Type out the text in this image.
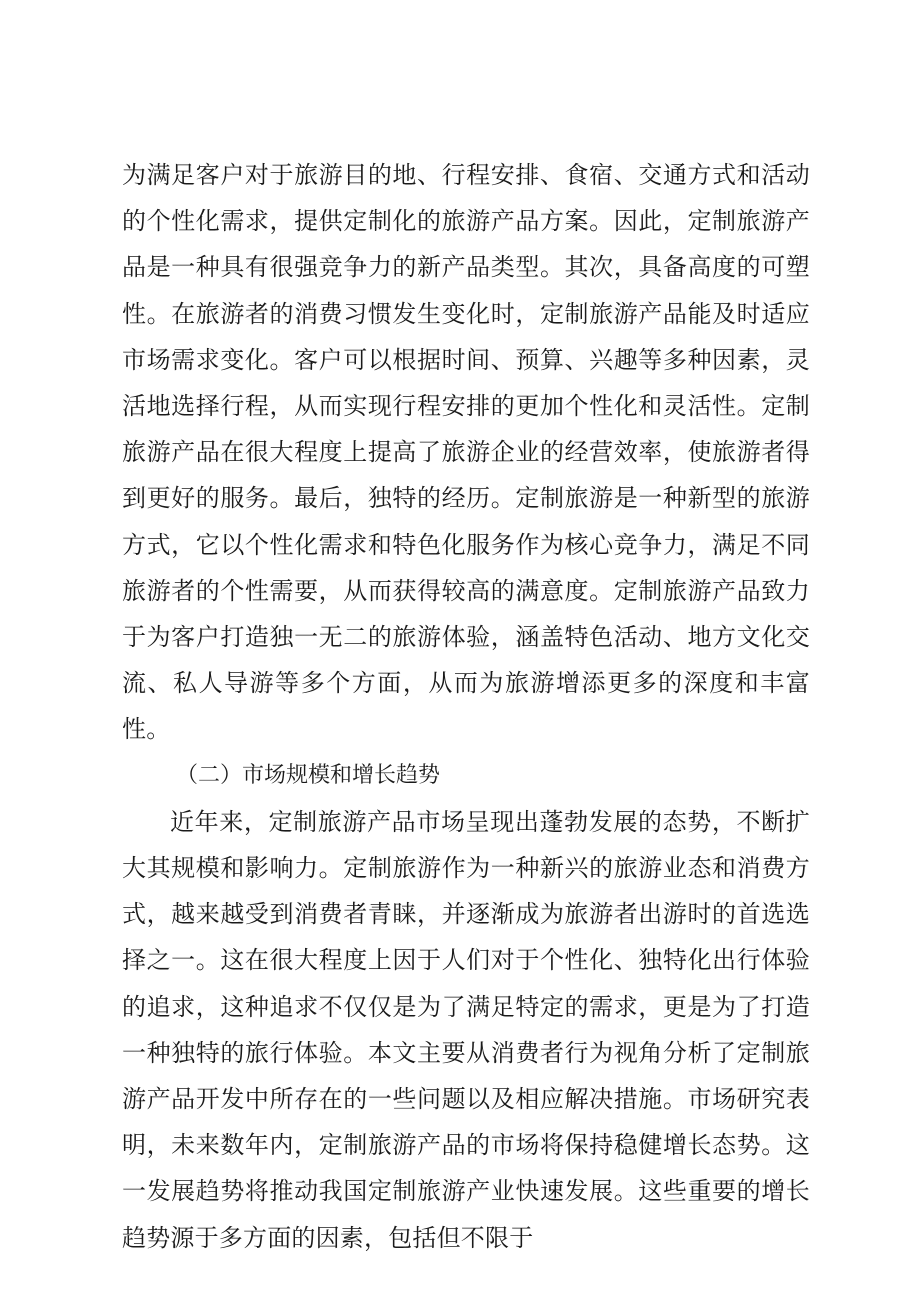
为满足客户对于旅游目的地、行程安排、食宿、交通方式和活动的个性化需求，提供定制化的旅游产品方案。因此，定制旅游产品是一种具有很强竞争力的新产品类型。其次，具备高度的可塑性。在旅游者的消费习惯发生变化时，定制旅游产品能及时适应市场需求变化。客户可以根据时间、预算、兴趣等多种因素，灵活地选择行程，从而实现行程安排的更加个性化和灵活性。定制旅游产品在很大程度上提高了旅游企业的经营效率，使旅游者得到更好的服务。最后，独特的经历。定制旅游是一种新型的旅游方式，它以个性化需求和特色化服务作为核心竞争力，满足不同旅游者的个性需要，从而获得较高的满意度。定制旅游产品致力于为客户打造独一无二的旅游体验，涵盖特色活动、地方文化交流、私人导游等多个方面，从而为旅游增添更多的深度和丰富性。

（二）市场规模和增长趋势

近年来，定制旅游产品市场呈现出蓬勃发展的态势，不断扩大其规模和影响力。定制旅游作为一种新兴的旅游业态和消费方式，越来越受到消费者青睐，并逐渐成为旅游者出游时的首选选择之一。这在很大程度上因于人们对于个性化、独特化出行体验的追求，这种追求不仅仅是为了满足特定的需求，更是为了打造一种独特的旅行体验。本文主要从消费者行为视角分析了定制旅游产品开发中所存在的一些问题以及相应解决措施。市场研究表明，未来数年内，定制旅游产品的市场将保持稳健增长态势。这一发展趋势将推动我国定制旅游产业快速发展。这些重要的增长趋势源于多方面的因素，包括但不限于
